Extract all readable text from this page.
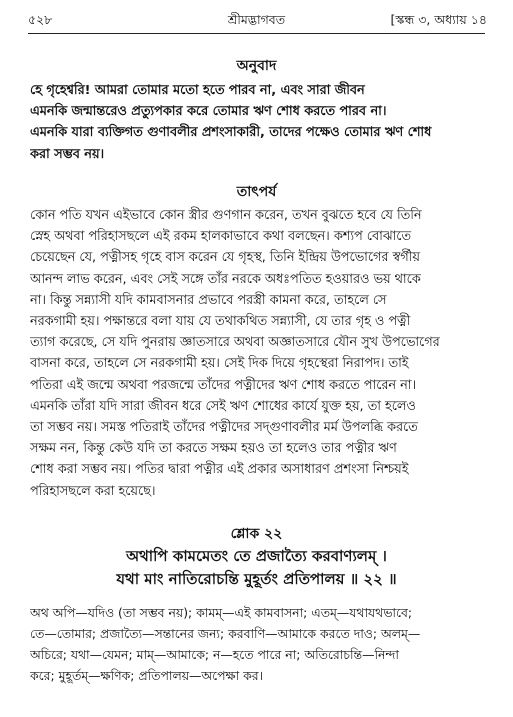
৫২৮	শ্রীমদ্ভাগবত	[স্কন্ধ ৩, অধ্যায় ১৪
অনুবাদ

হে গৃহেশ্বরি! আমরা তোমার মতো হতে পারব না, এবং সারা জীবন
এমনকি জন্মান্তরেও প্রত্যুপকার করে তোমার ঋণ শোধ করতে পারব না।
এমনকি যারা ব্যক্তিগত গুণাবলীর প্রশংসাকারী, তাদের পক্ষেও তোমার ঋণ শোধ
করা সম্ভব নয়।

তাৎপর্য

কোন পতি যখন এইভাবে কোন স্ত্রীর গুণগান করেন, তখন বুঝতে হবে যে তিনি
স্নেহ অথবা পরিহাসছলে এই রকম হালকাভাবে কথা বলছেন। কশ্যপ বোঝাতে
চেয়েছেন যে, পত্নীসহ গৃহে বাস করেন যে গৃহস্থ, তিনি ইন্দ্রিয় উপভোগের স্বর্গীয়
আনন্দ লাভ করেন, এবং সেই সঙ্গে তাঁর নরকে অধঃপতিত হওয়ারও ভয় থাকে
না। কিন্তু সন্ন্যাসী যদি কামবাসনার প্রভাবে পরস্ত্রী কামনা করে, তাহলে সে
নরকগামী হয়। পক্ষান্তরে বলা যায় যে তথাকথিত সন্ন্যাসী, যে তার গৃহ ও পত্নী
ত্যাগ করেছে, সে যদি পুনরায় জ্ঞাতসারে অথবা অজ্ঞাতসারে যৌন সুখ উপভোগের
বাসনা করে, তাহলে সে নরকগামী হয়। সেই দিক দিয়ে গৃহস্থেরা নিরাপদ। তাই
পতিরা এই জন্মে অথবা পরজন্মে তাঁদের পত্নীদের ঋণ শোধ করতে পারেন না।
এমনকি তাঁরা যদি সারা জীবন ধরে সেই ঋণ শোধের কার্যে যুক্ত হয়, তা হলেও
তা সম্ভব নয়। সমস্ত পতিরাই তাঁদের পত্নীদের সদ্‌গুণাবলীর মর্ম উপলব্ধি করতে
সক্ষম নন, কিন্তু কেউ যদি তা করতে সক্ষম হয়ও তা হলেও তার পত্নীর ঋণ
শোধ করা সম্ভব নয়। পতির দ্বারা পত্নীর এই প্রকার অসাধারণ প্রশংসা নিশ্চয়ই
পরিহাসছলে করা হয়েছে।

শ্লোক ২২
অথাপি কামমেতং তে প্রজাত্যৈ করবাণ্যলম্‌ ।
যথা মাং নাতিরোচন্তি মুহূর্তং প্রতিপালয় ॥ ২২ ॥

অথ অপি—যদিও (তা সম্ভব নয়); কামম্‌—এই কামবাসনা; এতম্‌—যথাযথভাবে;
তে—তোমার; প্রজাত্যৈ—সন্তানের জন্য; করবাণি—আমাকে করতে দাও; অলম্‌—
অচিরে; যথা—যেমন; মাম্‌—আমাকে; ন—হতে পারে না; অতিরোচন্তি—নিন্দা
করে; মুহূর্তম্‌—ক্ষণিক; প্রতিপালয়—অপেক্ষা কর।
